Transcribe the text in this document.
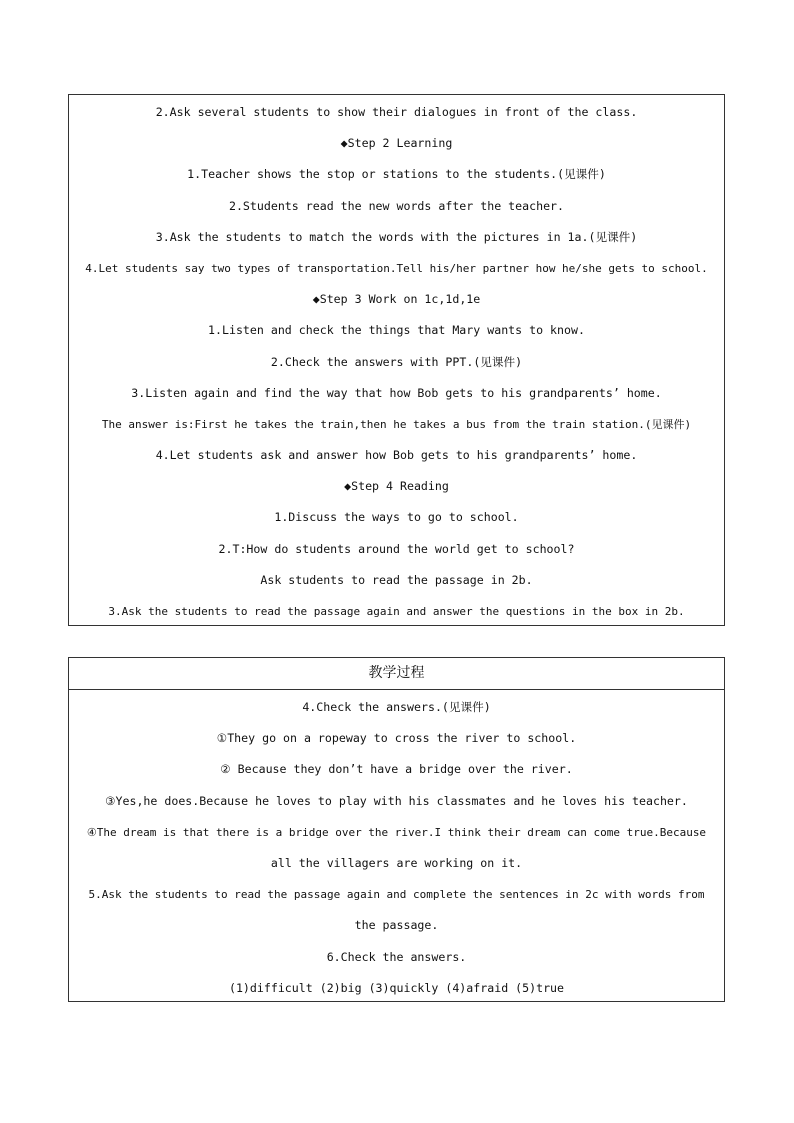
2.Ask several students to show their dialogues in front of the class.
◆Step 2 Learning
1.Teacher shows the stop or stations to the students.(见课件)
2.Students read the new words after the teacher.
3.Ask the students to match the words with the pictures in 1a.(见课件)
4.Let students say two types of transportation.Tell his/her partner how he/she gets to school.
◆Step 3 Work on 1c,1d,1e
1.Listen and check the things that Mary wants to know.
2.Check the answers with PPT.(见课件)
3.Listen again and find the way that how Bob gets to his grandparents’ home.
The answer is:First he takes the train,then he takes a bus from the train station.(见课件)
4.Let students ask and answer how Bob gets to his grandparents’ home.
◆Step 4 Reading
1.Discuss the ways to go to school.
2.T:How do students around the world get to school?
Ask students to read the passage in 2b.
3.Ask the students to read the passage again and answer the questions in the box in 2b.
教学过程
4.Check the answers.(见课件)
①They go on a ropeway to cross the river to school.
② Because they don’t have a bridge over the river.
③Yes,he does.Because he loves to play with his classmates and he loves his teacher.
④The dream is that there is a bridge over the river.I think their dream can come true.Because
all the villagers are working on it.
5.Ask the students to read the passage again and complete the sentences in 2c with words from
the passage.
6.Check the answers.
(1)difficult (2)big (3)quickly (4)afraid (5)true
